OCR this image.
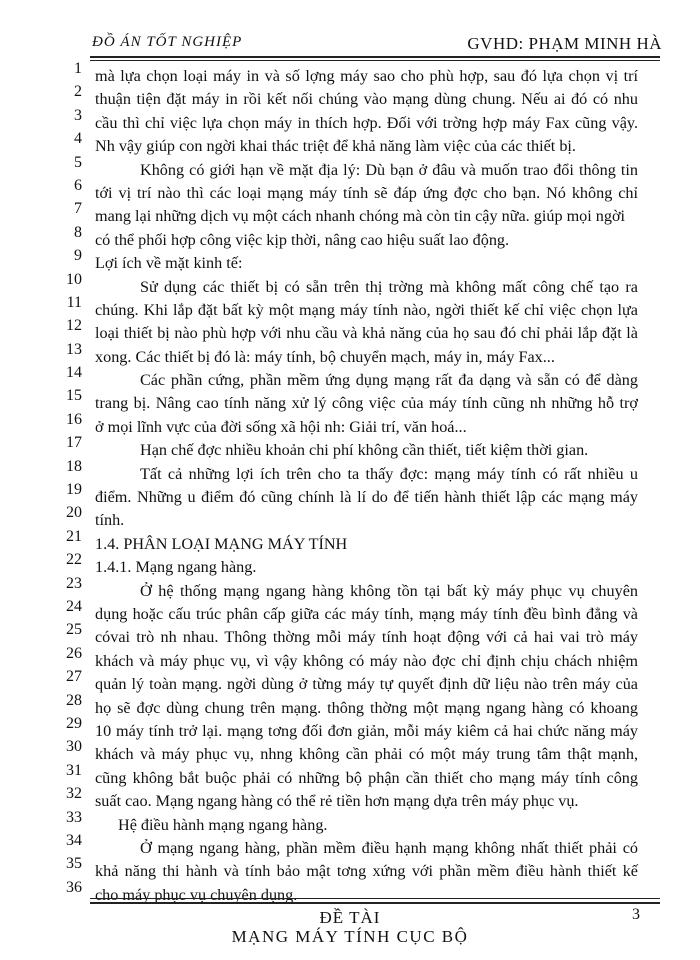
ĐỒ ÁN TỐT NGHIỆP	GVHD: PHẠM MINH HÀ
1 mà lựa chọn loại máy in và số lợng máy sao cho phù hợp, sau đó lựa chọn vị trí
2 thuận tiện đặt máy in rồi kết nối chúng vào mạng dùng chung. Nếu ai đó có nhu
3 cầu thì chỉ việc lựa chọn máy in thích hợp. Đối với trờng hợp máy Fax cũng vậy.
4 Nh vậy giúp con ngời khai thác triệt để khả năng làm việc của các thiết bị.
5	Không có giới hạn về mặt địa lý: Dù bạn ở đâu và muốn trao đổi thông tin
6 tới vị trí nào thì các loại mạng máy tính sẽ đáp ứng đợc cho bạn. Nó không chỉ
7 mang lại những dịch vụ một cách nhanh chóng mà còn tin cậy nữa. giúp mọi ngời
8 có thể phối hợp công việc kịp thời, nâng cao hiệu suất lao động.
9 Lợi ích về mặt kinh tế:
10	Sử dụng các thiết bị có sẵn trên thị trờng mà không mất công chế tạo ra
11 chúng. Khi lắp đặt bất kỳ một mạng máy tính nào, ngời thiết kế chỉ việc chọn lựa
12 loại thiết bị nào phù hợp với nhu cầu và khả năng của họ sau đó chỉ phải lắp đặt là
13 xong. Các thiết bị đó là: máy tính, bộ chuyển mạch, máy in, máy Fax...
14	Các phần cứng, phần mềm ứng dụng mạng rất đa dạng và sẵn có để dàng
15 trang bị. Nâng cao tính năng xử lý công việc của máy tính cũng nh những hỗ trợ
16 ở mọi lĩnh vực của đời sống xã hội nh: Giải trí, văn hoá...
17	Hạn chế đợc nhiều khoản chi phí không cần thiết, tiết kiệm thời gian.
18	Tất cả những lợi ích trên cho ta thấy đợc: mạng máy tính có rất nhiều u
19 điểm. Những u điểm đó cũng chính là lí do để tiến hành thiết lập các mạng máy
20 tính.
21 1.4. PHÂN LOẠI MẠNG MÁY TÍNH
22 1.4.1. Mạng ngang hàng.
23	Ở hệ thống mạng ngang hàng không tồn tại bất kỳ máy phục vụ chuyên
24 dụng hoặc cấu trúc phân cấp giữa các máy tính, mạng máy tính đều bình đẳng và
25 cóvai trò nh nhau. Thông thờng mỗi máy tính hoạt động với cả hai vai trò máy
26 khách và máy phục vụ, vì vậy không có máy nào đợc chỉ định chịu chách nhiệm
27 quản lý toàn mạng. ngời dùng ở từng máy tự quyết định dữ liệu nào trên máy của
28 họ sẽ đợc dùng chung trên mạng. thông thờng một mạng ngang hàng có khoang
29 10 máy tính trở lại. mạng tơng đối đơn giản, mỗi máy kiêm cả hai chức năng máy
30 khách và máy phục vụ, nhng không cần phải có một máy trung tâm thật mạnh,
31 cũng không bắt buộc phải có những bộ phận cần thiết cho mạng máy tính công
32 suất cao. Mạng ngang hàng có thể rẻ tiền hơn mạng dựa trên máy phục vụ.
33 Hệ điều hành mạng ngang hàng.
34	Ở mạng ngang hàng, phần mềm điều hạnh mạng không nhất thiết phải có
35 khả năng thi hành và tính bảo mật tơng xứng với phần mềm điều hành thiết kế
36 cho máy phục vụ chuyên dụng.
ĐỀ TÀI
MẠNG MÁY TÍNH CỤC BỘ
3
